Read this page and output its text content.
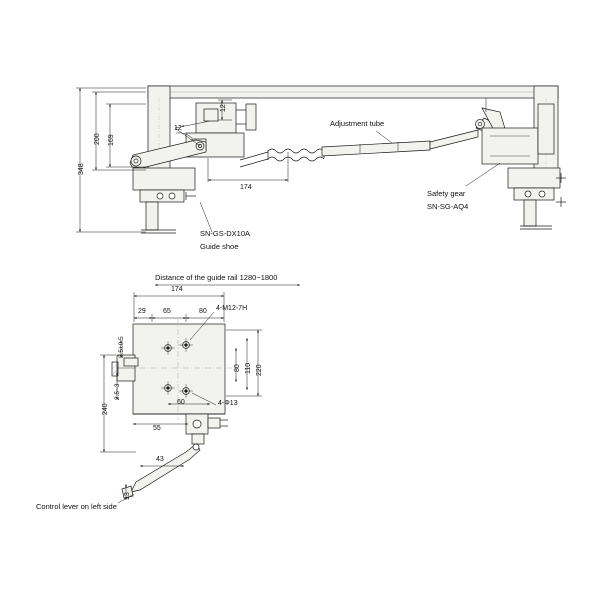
348
200 169
12
12°
174
Adjustment tube
Safety gear
SN-SG-AQ4
SN-GS-DX10A
Guide shoe
Distance of the guide rail 1280~1800
174
29 65	80 4-M12-7H
4-Φ13
60
240
2.5±0.5
2.5~3
220
110
80
55
43
13
Control lever on left side
